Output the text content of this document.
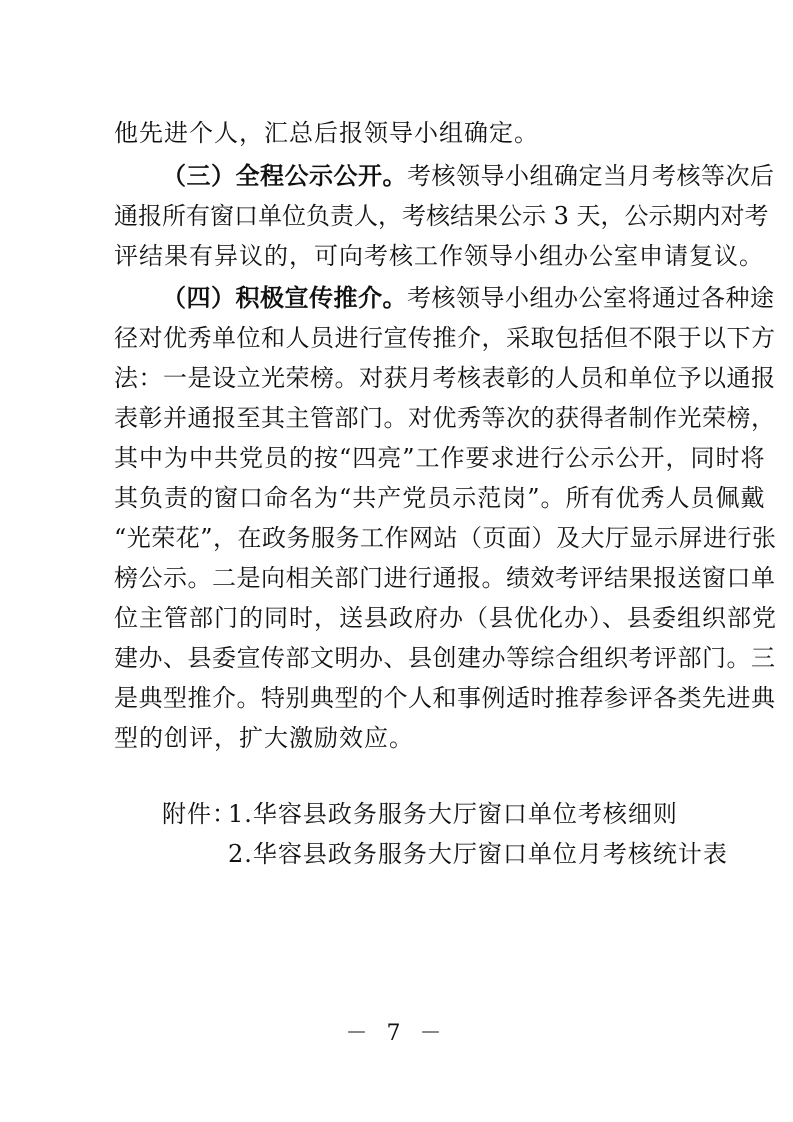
他先进个人，汇总后报领导小组确定。
（三）全程公示公开。考核领导小组确定当月考核等次后
通报所有窗口单位负责人，考核结果公示 3 天，公示期内对考
评结果有异议的，可向考核工作领导小组办公室申请复议。
（四）积极宣传推介。考核领导小组办公室将通过各种途
径对优秀单位和人员进行宣传推介，采取包括但不限于以下方
法：一是设立光荣榜。对获月考核表彰的人员和单位予以通报
表彰并通报至其主管部门。对优秀等次的获得者制作光荣榜，
其中为中共党员的按“四亮”工作要求进行公示公开，同时将
其负责的窗口命名为“共产党员示范岗”。所有优秀人员佩戴
“光荣花”，在政务服务工作网站（页面）及大厅显示屏进行张
榜公示。二是向相关部门进行通报。绩效考评结果报送窗口单
位主管部门的同时，送县政府办（县优化办）、县委组织部党
建办、县委宣传部文明办、县创建办等综合组织考评部门。三
是典型推介。特别典型的个人和事例适时推荐参评各类先进典
型的创评，扩大激励效应。
附件：
1.华容县政务服务大厅窗口单位考核细则
2.华容县政务服务大厅窗口单位月考核统计表
－ 7 －
